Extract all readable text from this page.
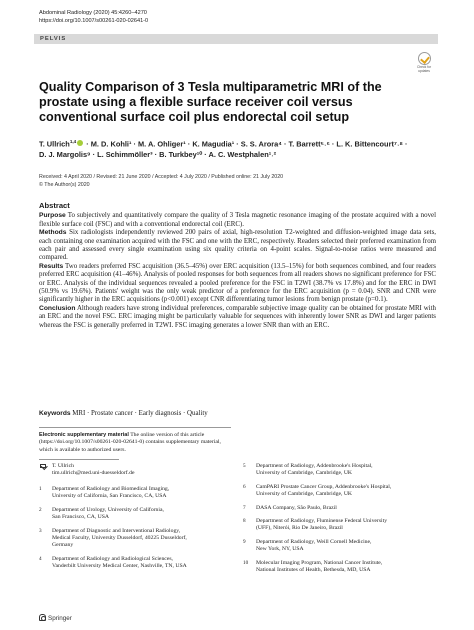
Abdominal Radiology (2020) 45:4260–4270
https://doi.org/10.1007/s00261-020-02641-0
PELVIS
Check for
updates
Quality Comparison of 3 Tesla multiparametric MRI of the prostate using a flexible surface receiver coil versus conventional surface coil plus endorectal coil setup
T. Ullrich$^{1,4}$ · M. D. Kohli¹ · M. A. Ohliger¹ · K. Magudia¹ · S. S. Arora⁴ · T. Barrett⁵˒⁶ · L. K. Bittencourt⁷˒⁸ ·
D. J. Margolis⁹ · L. Schimmöller³ · B. Turkbey¹⁰ · A. C. Westphalen¹˒²
Received: 4 April 2020 / Revised: 21 June 2020 / Accepted: 4 July 2020 / Published online: 21 July 2020
© The Author(s) 2020
Abstract

Purpose To subjectively and quantitatively compare the quality of 3 Tesla magnetic resonance imaging of the prostate acquired with a novel flexible surface coil (FSC) and with a conventional endorectal coil (ERC).

Methods Six radiologists independently reviewed 200 pairs of axial, high-resolution T2-weighted and diffusion-weighted image data sets, each containing one examination acquired with the FSC and one with the ERC, respectively. Readers selected their preferred examination from each pair and assessed every single examination using six quality criteria on 4-point scales. Signal-to-noise ratios were measured and compared.

Results Two readers preferred FSC acquisition (36.5–45%) over ERC acquisition (13.5–15%) for both sequences combined, and four readers preferred ERC acquisition (41–46%). Analysis of pooled responses for both sequences from all readers shows no significant preference for FSC or ERC. Analysis of the individual sequences revealed a pooled preference for the FSC in T2WI (38.7% vs 17.8%) and for the ERC in DWI (50.9% vs 19.6%). Patients' weight was the only weak predictor of a preference for the ERC acquisition (p = 0.04). SNR and CNR were significantly higher in the ERC acquisitions (p<0.001) except CNR differentiating tumor lesions from benign prostate (p=0.1).

Conclusion Although readers have strong individual preferences, comparable subjective image quality can be obtained for prostate MRI with an ERC and the novel FSC. ERC imaging might be particularly valuable for sequences with inherently lower SNR as DWI and larger patients whereas the FSC is generally preferred in T2WI. FSC imaging generates a lower SNR than with an ERC.

Keywords MRI · Prostate cancer · Early diagnosis · Quality
Electronic supplementary material The online version of this article (https://doi.org/10.1007/s00261-020-02641-0) contains supplementary material, which is available to authorized users.
T. Ullrich
tim.ullrich@med.uni-duesseldorf.de
1 Department of Radiology and Biomedical Imaging,
University of California, San Francisco, CA, USA
2 Department of Urology, University of California,
San Francisco, CA, USA
3 Department of Diagnostic and Interventional Radiology,
Medical Faculty, University Dusseldorf, 40225 Dusseldorf,
Germany
4 Department of Radiology and Radiological Sciences,
Vanderbilt University Medical Center, Nashville, TN, USA
5 Department of Radiology, Addenbrooke's Hospital,
University of Cambridge, Cambridge, UK
6 CamPARI Prostate Cancer Group, Addenbrooke's Hospital,
University of Cambridge, Cambridge, UK
7 DASA Company, São Paulo, Brazil
8 Department of Radiology, Fluminense Federal University
(UFF), Niterói, Rio De Janeiro, Brazil
9 Department of Radiology, Weill Cornell Medicine,
New York, NY, USA
10 Molecular Imaging Program, National Cancer Institute,
National Institutes of Health, Bethesda, MD, USA
Springer
